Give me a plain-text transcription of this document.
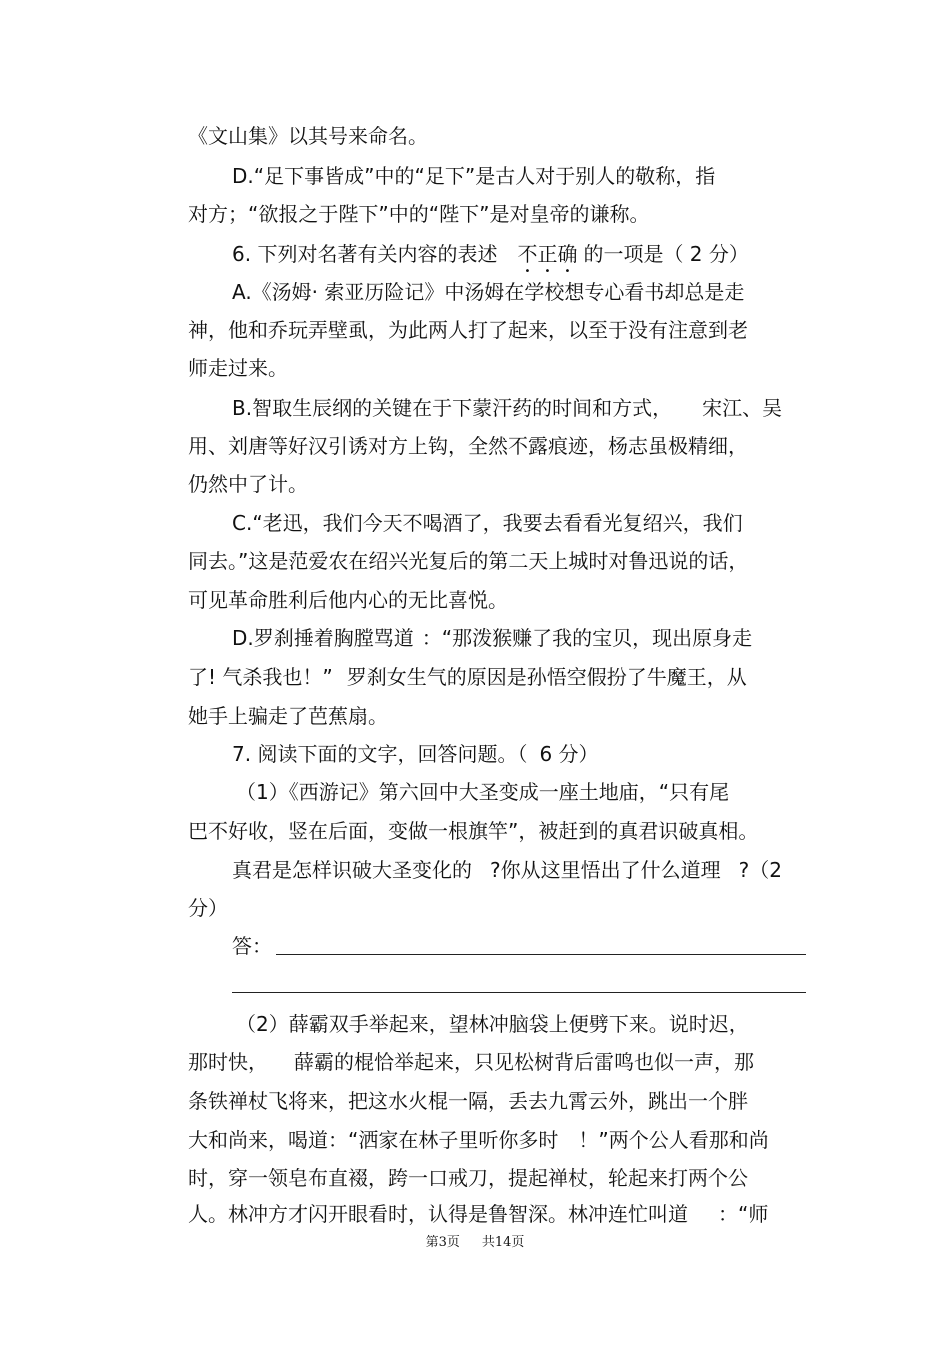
《文山集》以其号来命名。
D.“足下事皆成”中的“足下”是古人对于别人的敬称，指
对方；“欲报之于陛下”中的“陛下”是对皇帝的谦称。
6. 下列对名著有关内容的表述 不正确 的一项是（ 2 分）
A.《汤姆· 索亚历险记》中汤姆在学校想专心看书却总是走
神，他和乔玩弄壁虱，为此两人打了起来，以至于没有注意到老
师走过来。
B.智取生辰纲的关键在于下蒙汗药的时间和方式， 宋江、吴
用、刘唐等好汉引诱对方上钩，全然不露痕迹，杨志虽极精细，
仍然中了计。
C.“老迅，我们今天不喝酒了，我要去看看光复绍兴，我们
同去。”这是范爱农在绍兴光复后的第二天上城时对鲁迅说的话，
可见革命胜利后他内心的无比喜悦。
D.罗刹捶着胸膛骂道 ：“那泼猴赚了我的宝贝，现出原身走
了! 气杀我也！” 罗刹女生气的原因是孙悟空假扮了牛魔王，从
她手上骗走了芭蕉扇。
7. 阅读下面的文字，回答问题。（ 6 分）
（1）《西游记》第六回中大圣变成一座土地庙，“只有尾
巴不好收，竖在后面，变做一根旗竿”，被赶到的真君识破真相。
真君是怎样识破大圣变化的 ?你从这里悟出了什么道理 ?（2
分）
答：
（2）薛霸双手举起来，望林冲脑袋上便劈下来。说时迟，
那时快， 薛霸的棍恰举起来，只见松树背后雷鸣也似一声，那
条铁禅杖飞将来，把这水火棍一隔，丢去九霄云外，跳出一个胖
大和尚来，喝道：“洒家在林子里听你多时 ！”两个公人看那和尚
时，穿一领皂布直裰，跨一口戒刀，提起禅杖，轮起来打两个公
人。林冲方才闪开眼看时，认得是鲁智深。林冲连忙叫道 ：“师
第3页 共14页
